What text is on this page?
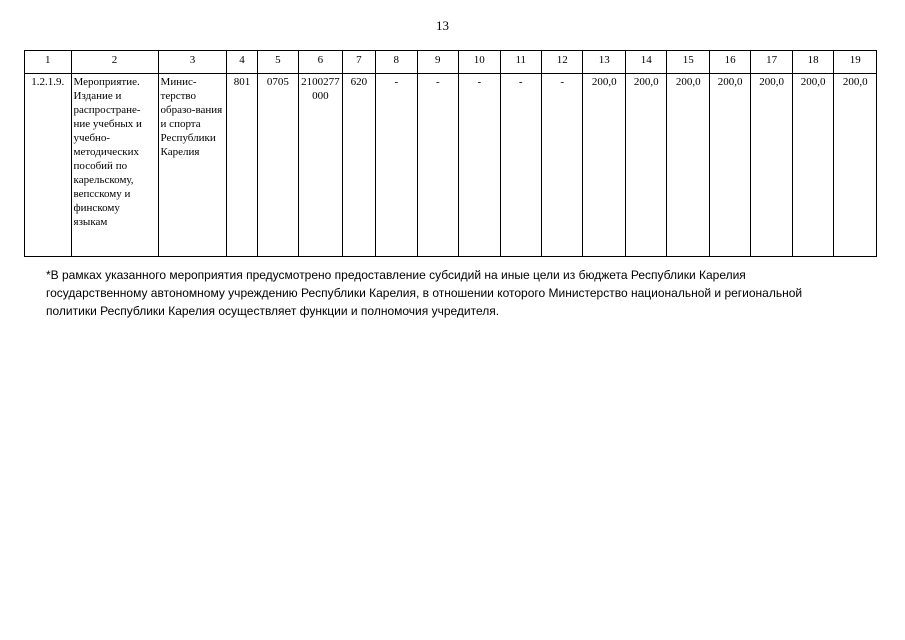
13
1	2	3	4	5	6	7	8	9	10	11	12	13	14	15	16	17	18	19
1.2.1.9.	Мероприятие. Издание и распростране-ние учебных и учебно-методических пособий по карельскому, вепсскому и финскому языкам	Минис-терство образо-вания и спорта Республики Карелия	801	0705	2100277000	620	-	-	-	-	-	200,0	200,0	200,0	200,0	200,0	200,0	200,0
*В рамках указанного мероприятия предусмотрено предоставление субсидий на иные цели из бюджета Республики Карелия государственному автономному учреждению Республики Карелия, в отношении которого Министерство национальной и региональной политики Республики Карелия осуществляет функции и полномочия учредителя.
